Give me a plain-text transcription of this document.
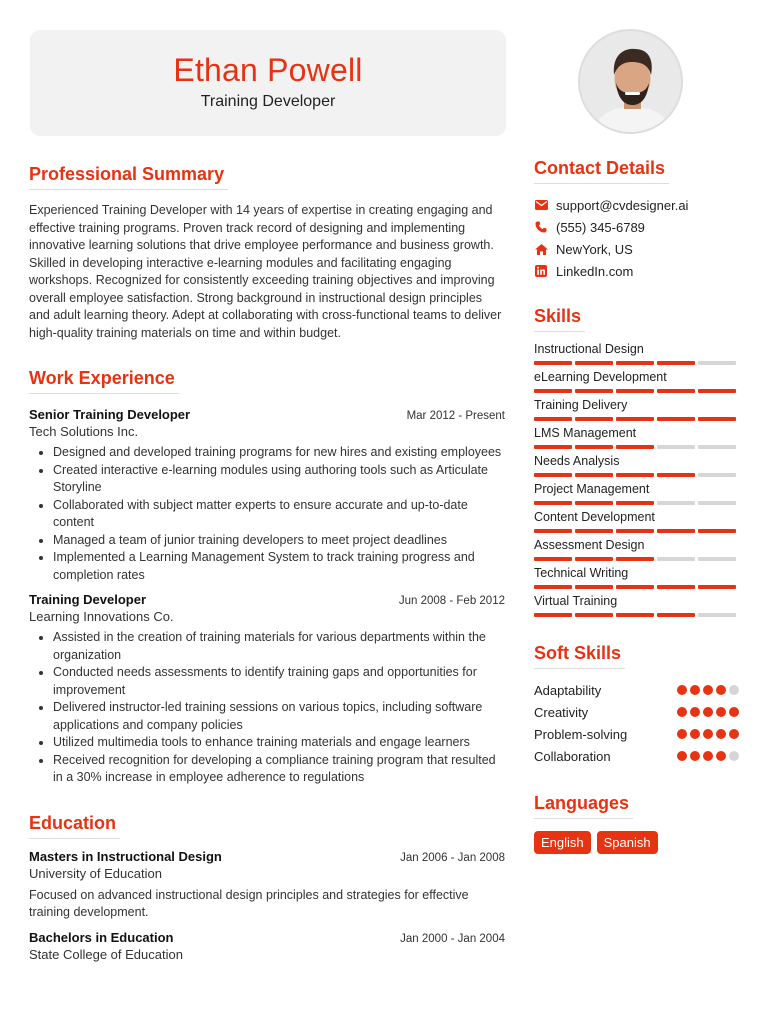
Ethan Powell
Training Developer
Professional Summary

Experienced Training Developer with 14 years of expertise in creating engaging and effective training programs. Proven track record of designing and implementing innovative learning solutions that drive employee performance and business growth. Skilled in developing interactive e-learning modules and facilitating engaging workshops. Recognized for consistently exceeding training objectives and improving overall employee satisfaction. Strong background in instructional design principles and adult learning theory. Adept at collaborating with cross-functional teams to deliver high-quality training materials on time and within budget.

Work Experience
Senior Training Developer	Mar 2012 - Present
Tech Solutions Inc.
• Designed and developed training programs for new hires and existing employees
• Created interactive e-learning modules using authoring tools such as Articulate Storyline
• Collaborated with subject matter experts to ensure accurate and up-to-date content
• Managed a team of junior training developers to meet project deadlines
• Implemented a Learning Management System to track training progress and completion rates
Training Developer	Jun 2008 - Feb 2012
Learning Innovations Co.
• Assisted in the creation of training materials for various departments within the organization
• Conducted needs assessments to identify training gaps and opportunities for improvement
• Delivered instructor-led training sessions on various topics, including software applications and company policies
• Utilized multimedia tools to enhance training materials and engage learners
• Received recognition for developing a compliance training program that resulted in a 30% increase in employee adherence to regulations
Education
Masters in Instructional Design	Jan 2006 - Jan 2008
University of Education

Focused on advanced instructional design principles and strategies for effective training development.

Bachelors in Education	Jan 2000 - Jan 2004
State College of Education
Contact Details
support@cvdesigner.ai
(555) 345-6789
NewYork, US
LinkedIn.com
Skills
Instructional Design
eLearning Development
Training Delivery
LMS Management
Needs Analysis
Project Management
Content Development
Assessment Design
Technical Writing
Virtual Training
Soft Skills
Adaptability
Creativity
Problem-solving
Collaboration
Languages
English	Spanish
